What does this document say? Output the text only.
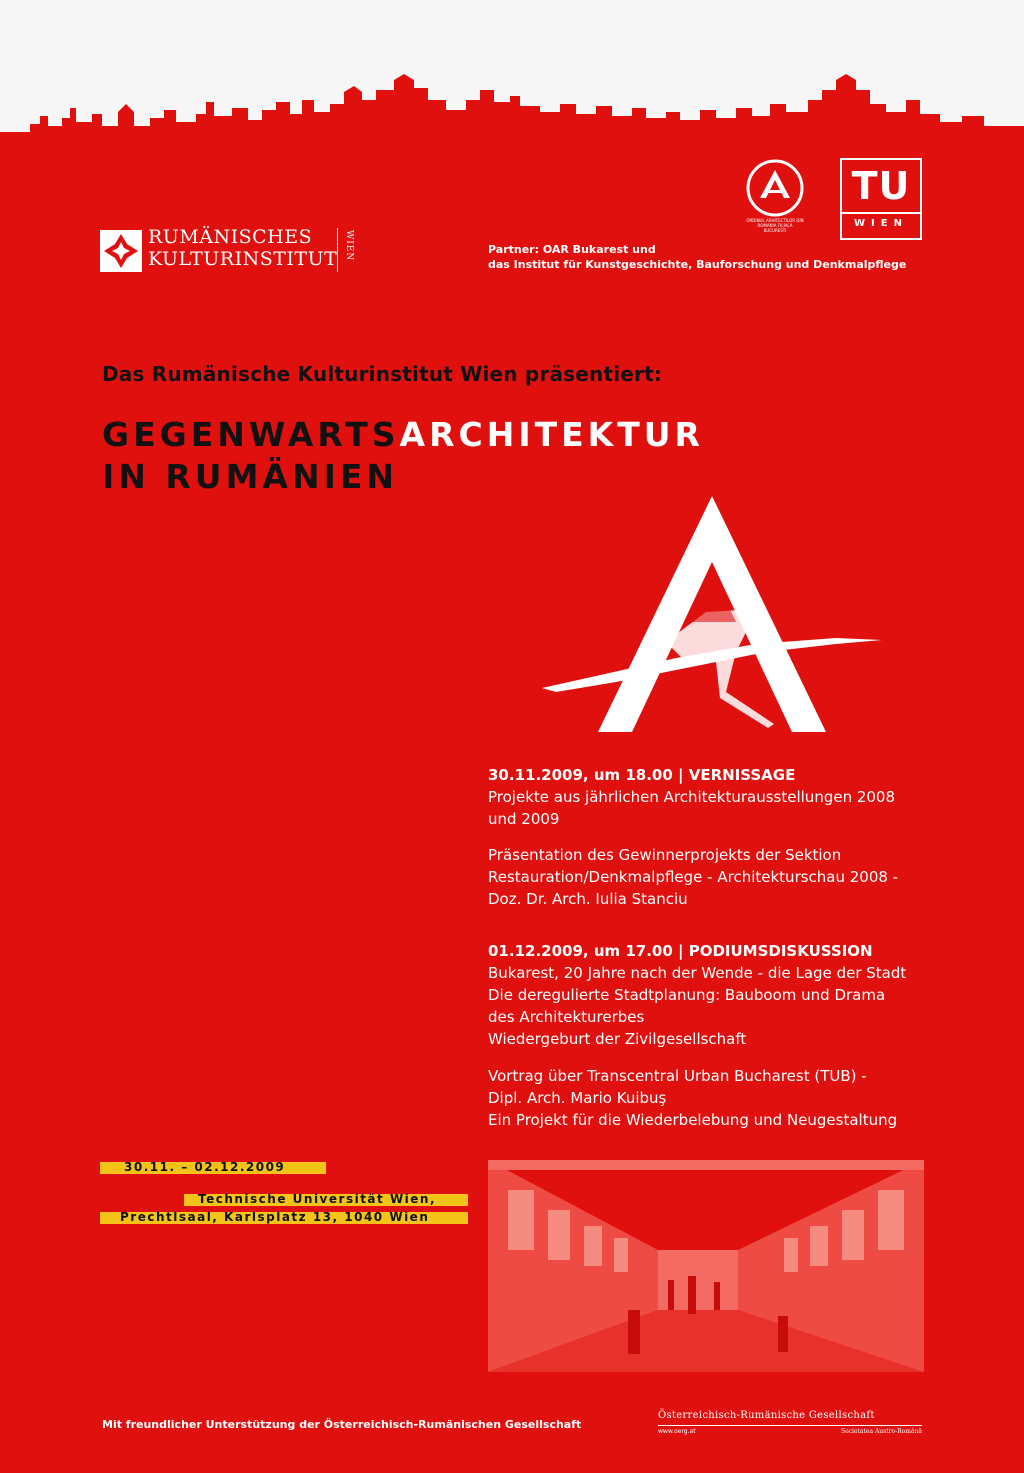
RUMÄNISCHES
KULTURINSTITUT WIEN
ORDINUL ARHITECTILOR DIN ROMANIA FILIALA BUCURESTI
TU
WIEN
Partner: OAR Bukarest und
das Institut für Kunstgeschichte, Bauforschung und Denkmalpflege
Das Rumänische Kulturinstitut Wien präsentiert:
GEGENWARTSARCHITEKTUR
IN RUMÄNIEN

30.11.2009, um 18.00 | VERNISSAGE

Projekte aus jährlichen Architekturausstellungen 2008

und 2009

Präsentation des Gewinnerprojekts der Sektion

Restauration/Denkmalpflege - Architekturschau 2008 -

Doz. Dr. Arch. Iulia Stanciu

01.12.2009, um 17.00 | PODIUMSDISKUSSION

Bukarest, 20 Jahre nach der Wende - die Lage der Stadt

Die deregulierte Stadtplanung: Bauboom und Drama

des Architekturerbes

Wiedergeburt der Zivilgesellschaft

Vortrag über Transcentral Urban Bucharest (TUB) -

Dipl. Arch. Mario Kuibuş

Ein Projekt für die Wiederbelebung und Neugestaltung

30.11. – 02.12.2009
Technische Universität Wien,
Prechtlsaal, Karlsplatz 13, 1040 Wien
Mit freundlicher Unterstützung der Österreichisch-Rumänischen Gesellschaft
Österreichisch-Rumänische Gesellschaft
www.oerg.at	Societatea Austro-Română
